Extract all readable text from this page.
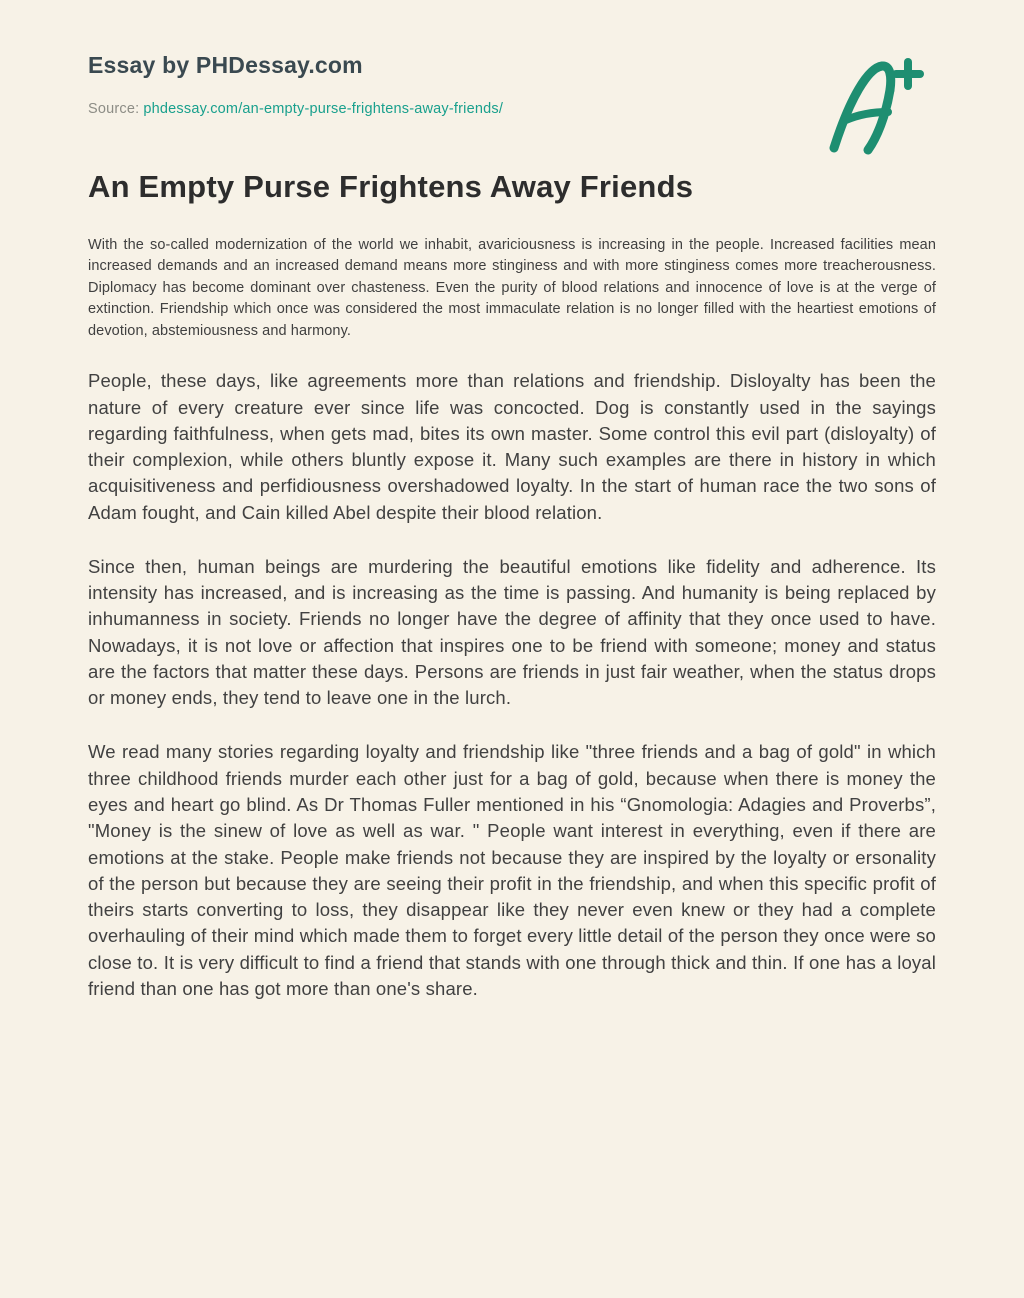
Essay by PHDessay.com
Source: phdessay.com/an-empty-purse-frightens-away-friends/
An Empty Purse Frightens Away Friends

With the so-called modernization of the world we inhabit, avariciousness is increasing in the people. Increased facilities mean increased demands and an increased demand means more stinginess and with more stinginess comes more treacherousness. Diplomacy has become dominant over chasteness. Even the purity of blood relations and innocence of love is at the verge of extinction. Friendship which once was considered the most immaculate relation is no longer filled with the heartiest emotions of devotion, abstemiousness and harmony.

People, these days, like agreements more than relations and friendship. Disloyalty has been the nature of every creature ever since life was concocted. Dog is constantly used in the sayings regarding faithfulness, when gets mad, bites its own master. Some control this evil part (disloyalty) of their complexion, while others bluntly expose it. Many such examples are there in history in which acquisitiveness and perfidiousness overshadowed loyalty. In the start of human race the two sons of Adam fought, and Cain killed Abel despite their blood relation.

Since then, human beings are murdering the beautiful emotions like fidelity and adherence. Its intensity has increased, and is increasing as the time is passing. And humanity is being replaced by inhumanness in society. Friends no longer have the degree of affinity that they once used to have. Nowadays, it is not love or affection that inspires one to be friend with someone; money and status are the factors that matter these days. Persons are friends in just fair weather, when the status drops or money ends, they tend to leave one in the lurch.

We read many stories regarding loyalty and friendship like "three friends and a bag of gold" in which three childhood friends murder each other just for a bag of gold, because when there is money the eyes and heart go blind. As Dr Thomas Fuller mentioned in his “Gnomologia: Adagies and Proverbs”, "Money is the sinew of love as well as war. " People want interest in everything, even if there are emotions at the stake. People make friends not because they are inspired by the loyalty or ersonality of the person but because they are seeing their profit in the friendship, and when this specific profit of theirs starts converting to loss, they disappear like they never even knew or they had a complete overhauling of their mind which made them to forget every little detail of the person they once were so close to. It is very difficult to find a friend that stands with one through thick and thin. If one has a loyal friend than one has got more than one's share.
